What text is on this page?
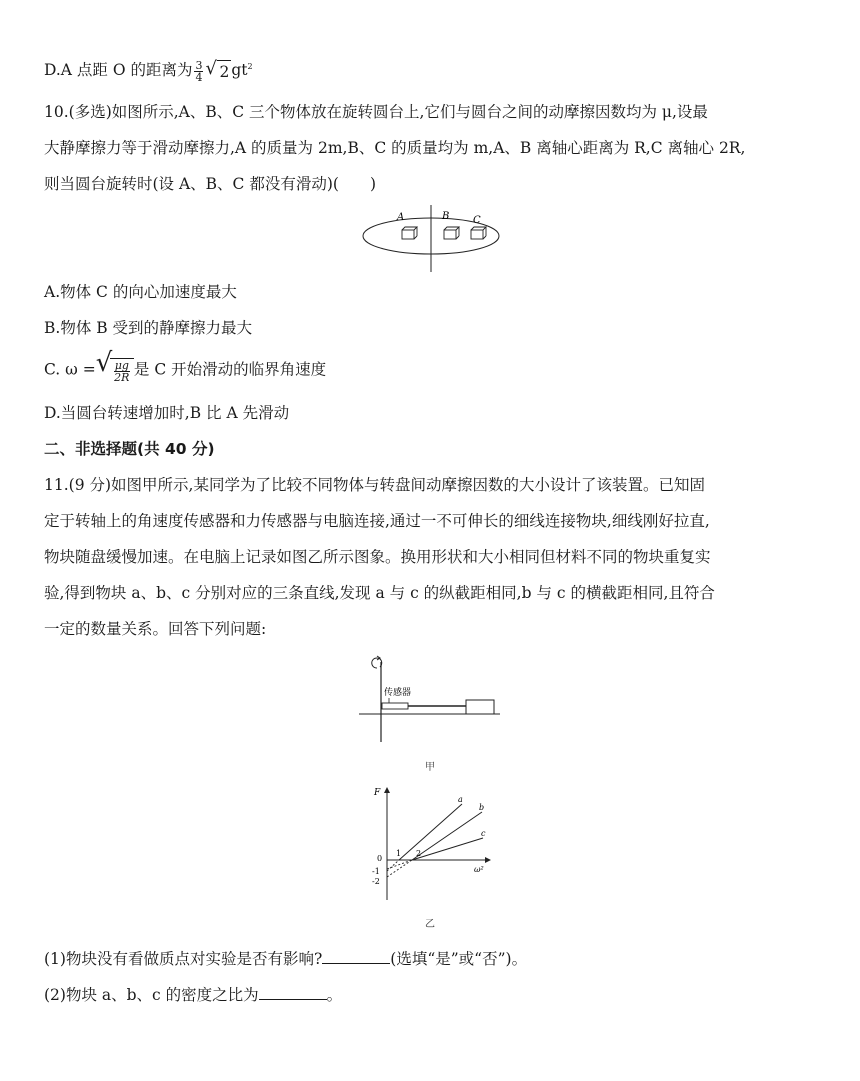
D.A 点距 O 的距离为 $\frac{3}{4}$ √ 2 $gt^2$
10.(多选)如图所示,A、B、C 三个物体放在旋转圆台上,它们与圆台之间的动摩擦因数均为 μ,设最
大静摩擦力等于滑动摩擦力,A 的质量为 2m,B、C 的质量均为 m,A、B 离轴心距离为 R,C 离轴心 2R,
则当圆台旋转时(设 A、B、C 都没有滑动)(　　)
A	B C
A.物体 C 的向心加速度最大
B.物体 B 受到的静摩擦力最大
C. ω = √ $\frac{\mu g}{2R}$ 是 C 开始滑动的临界角速度
D.当圆台转速增加时,B 比 A 先滑动
二、非选择题(共 40 分)
11.(9 分)如图甲所示,某同学为了比较不同物体与转盘间动摩擦因数的大小设计了该装置。已知固
定于转轴上的角速度传感器和力传感器与电脑连接,通过一不可伸长的细线连接物块,细线刚好拉直,
物块随盘缓慢加速。在电脑上记录如图乙所示图象。换用形状和大小相同但材料不同的物块重复实
验,得到物块 a、b、c 分别对应的三条直线,发现 a 与 c 的纵截距相同,b 与 c 的横截距相同,且符合
一定的数量关系。回答下列问题:
传感器
甲
F
ω²
0
-1
-2
1 2
a
b
c
乙
(1)物块没有看做质点对实验是否有影响?	(选填“是”或“否”)。
(2)物块 a、b、c 的密度之比为	。
